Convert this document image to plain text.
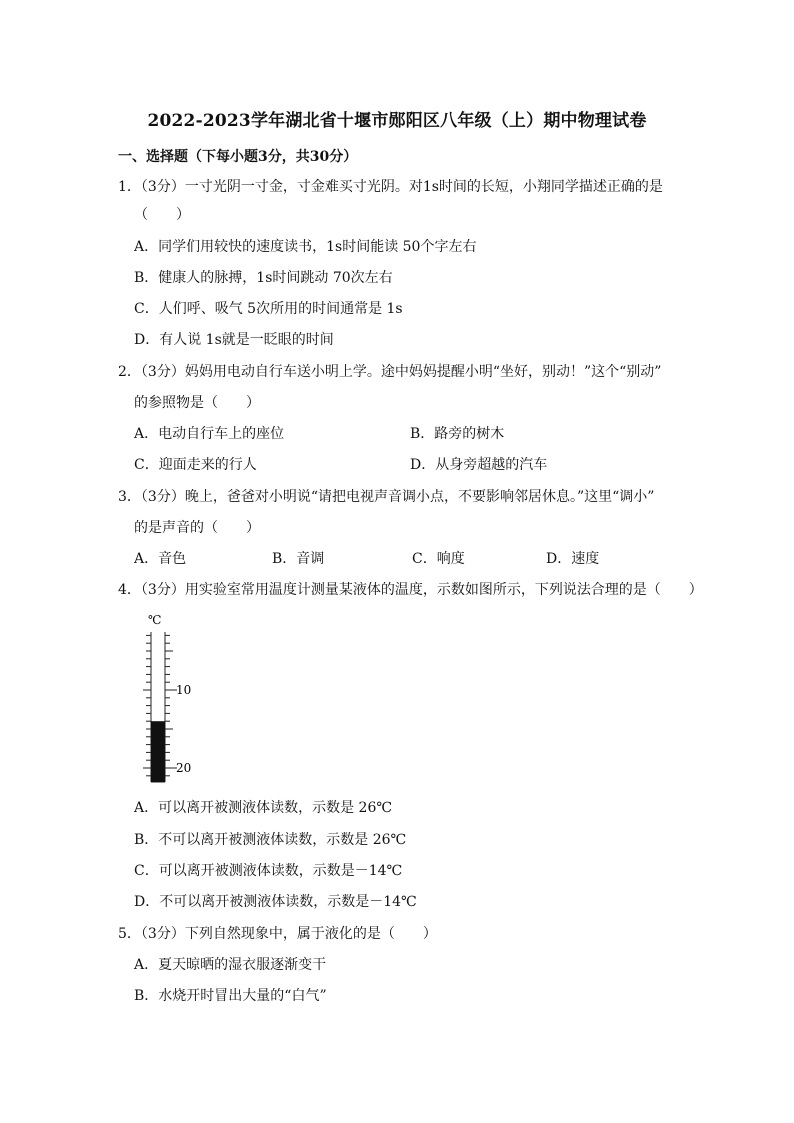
2022-2023学年湖北省十堰市郧阳区八年级（上）期中物理试卷
一、选择题（下每小题3分，共30分）
1．（3分）一寸光阴一寸金，寸金难买寸光阴。对1s时间的长短，小翔同学描述正确的是
（　　）
A．同学们用较快的速度读书，1s时间能读 50个字左右
B．健康人的脉搏，1s时间跳动 70次左右
C．人们呼、吸气 5次所用的时间通常是 1s
D．有人说 1s就是一眨眼的时间
2．（3分）妈妈用电动自行车送小明上学。途中妈妈提醒小明“坐好，别动！”这个“别动”
的参照物是（　　）
A．电动自行车上的座位	B．路旁的树木
C．迎面走来的行人	D．从身旁超越的汽车
3．（3分）晚上，爸爸对小明说“请把电视声音调小点，不要影响邻居休息。”这里“调小”
的是声音的（　　）
A．音色	B．音调	C．响度	D．速度
4．（3分）用实验室常用温度计测量某液体的温度，示数如图所示，下列说法合理的是（　　）
℃
10
20
A．可以离开被测液体读数，示数是 26℃
B．不可以离开被测液体读数，示数是 26℃
C．可以离开被测液体读数，示数是－14℃
D．不可以离开被测液体读数，示数是－14℃
5．（3分）下列自然现象中，属于液化的是（　　）
A．夏天晾晒的湿衣服逐渐变干
B．水烧开时冒出大量的“白气”
